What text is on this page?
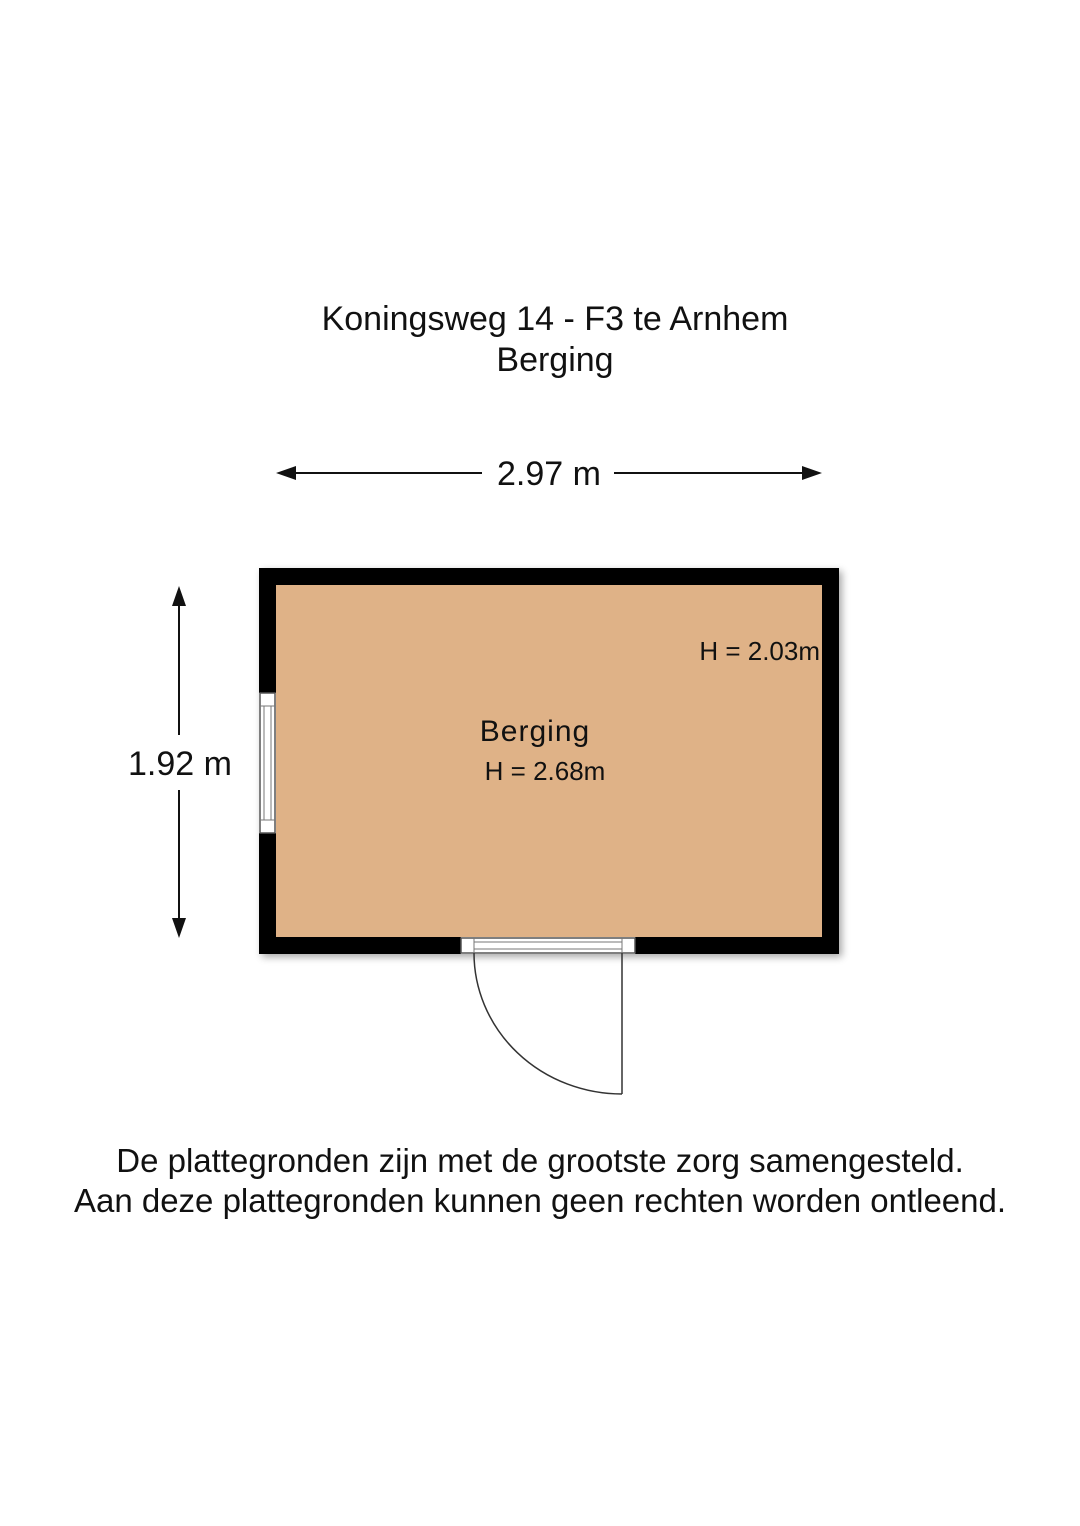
Koningsweg 14 - F3 te Arnhem
Berging
2.97 m
1.92 m
Berging
H = 2.68m
H = 2.03m
De plattegronden zijn met de grootste zorg samengesteld.
Aan deze plattegronden kunnen geen rechten worden ontleend.
